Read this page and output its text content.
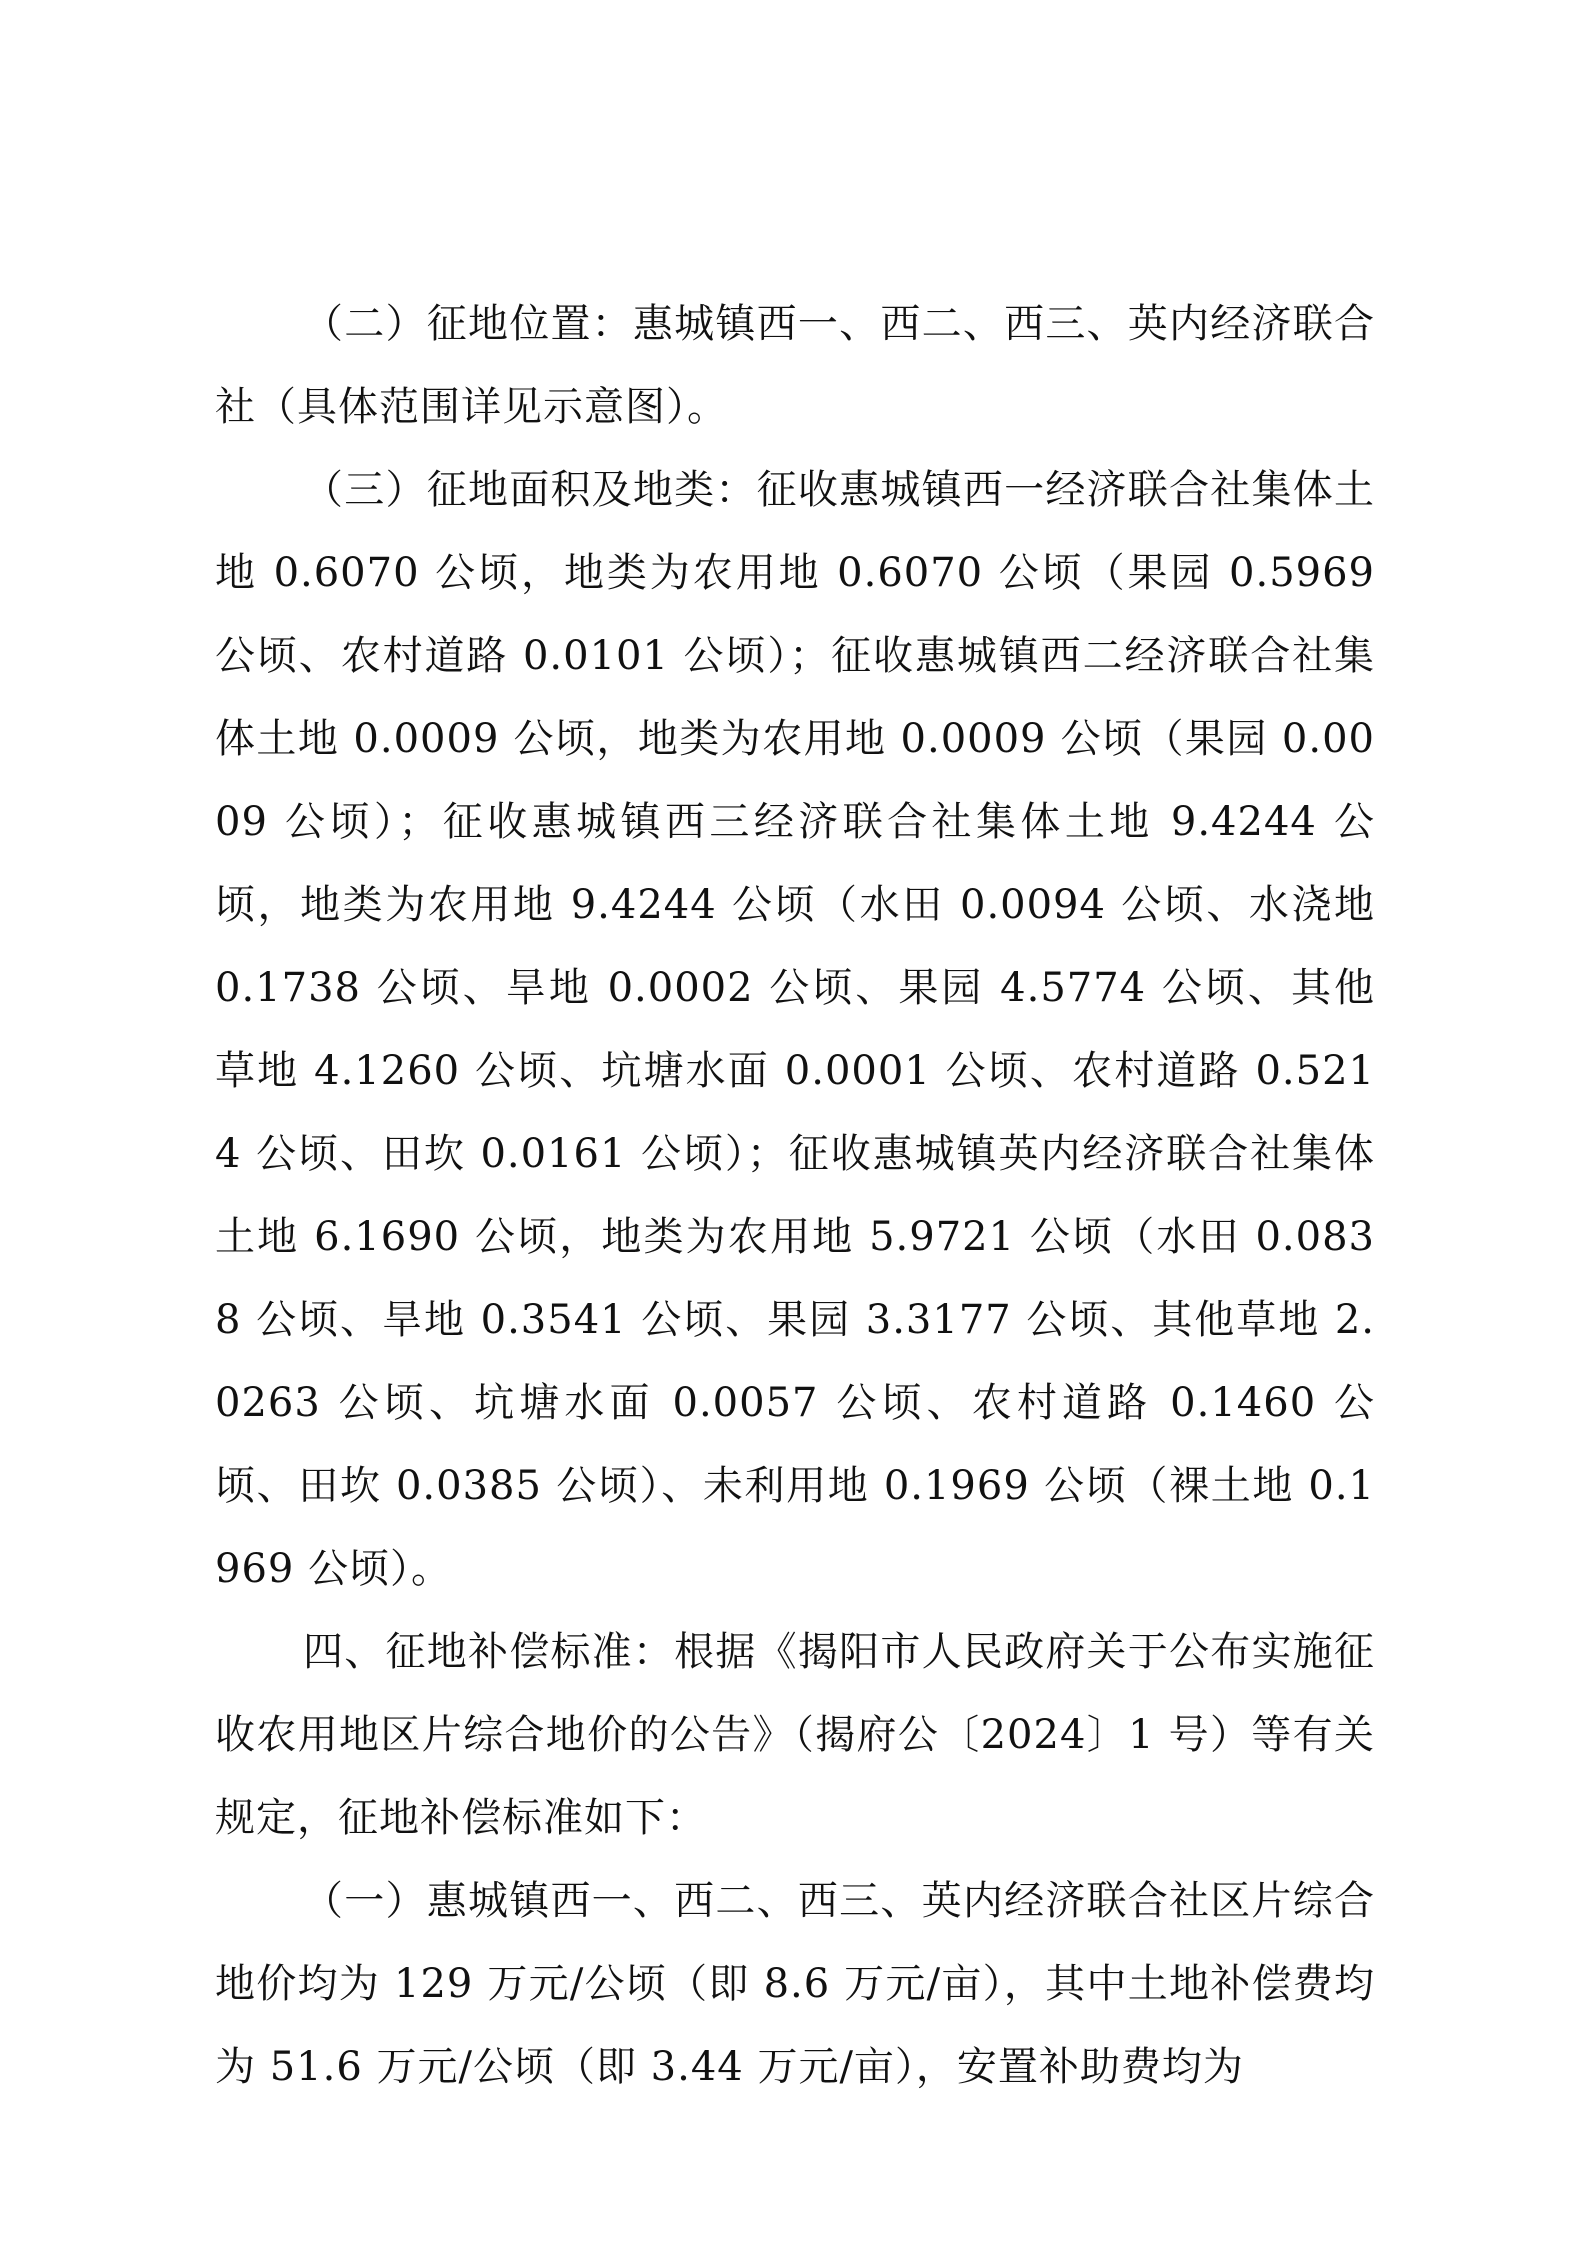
（二）征地位置：惠城镇西一、西二、西三、英内经济联合社（具体范围详见示意图）。

（三）征地面积及地类：征收惠城镇西一经济联合社集体土地 0.6070 公顷，地类为农用地 0.6070 公顷（果园 0.5969 公顷、农村道路 0.0101 公顷）；征收惠城镇西二经济联合社集体土地 0.0009 公顷，地类为农用地 0.0009 公顷（果园 0.0009 公顷）；征收惠城镇西三经济联合社集体土地 9.4244 公顷，地类为农用地 9.4244 公顷（水田 0.0094 公顷、水浇地 0.1738 公顷、旱地 0.0002 公顷、果园 4.5774 公顷、其他草地 4.1260 公顷、坑塘水面 0.0001 公顷、农村道路 0.5214 公顷、田坎 0.0161 公顷）；征收惠城镇英内经济联合社集体土地 6.1690 公顷，地类为农用地 5.9721 公顷（水田 0.0838 公顷、旱地 0.3541 公顷、果园 3.3177 公顷、其他草地 2.0263 公顷、坑塘水面 0.0057 公顷、农村道路 0.1460 公顷、田坎 0.0385 公顷）、未利用地 0.1969 公顷（裸土地 0.1969 公顷）。

四、征地补偿标准：根据《揭阳市人民政府关于公布实施征收农用地区片综合地价的公告》（揭府公〔2024〕1 号）等有关规定，征地补偿标准如下：

（一）惠城镇西一、西二、西三、英内经济联合社区片综合地价均为 129 万元/公顷（即 8.6 万元/亩），其中土地补偿费均为 51.6 万元/公顷（即 3.44 万元/亩），安置补助费均为
